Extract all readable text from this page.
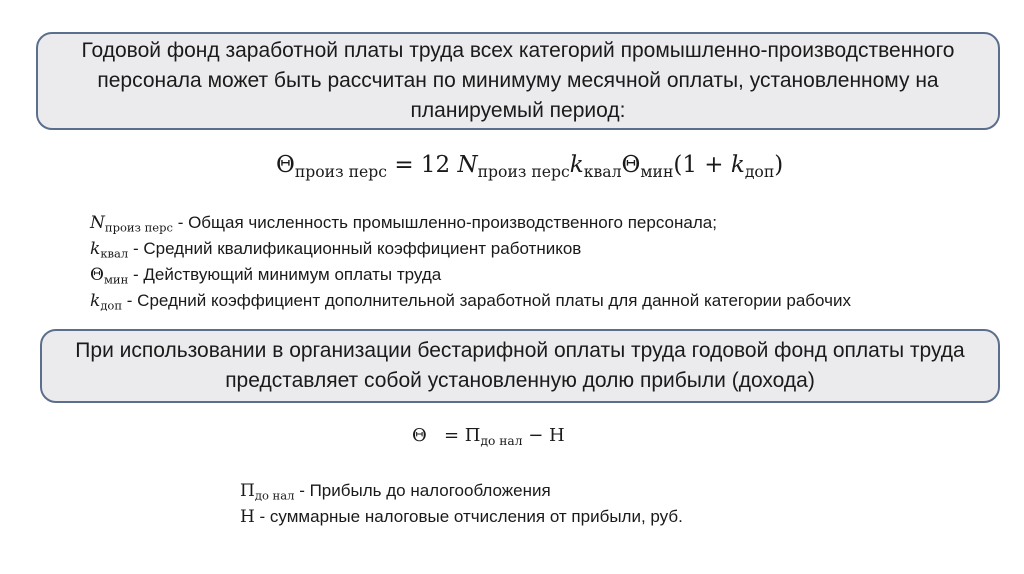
Годовой фонд заработной платы труда всех категорий промышленно-производственного персонала может быть рассчитан по минимуму месячной оплаты, установленному на планируемый период:

$\Theta_{произ перс} = 12$ $N_{произ перс}k_{квал}\Theta_{мин}(1 + k_{доп})$
$N_{произ перс}$ - Общая численность промышленно-производственного персонала;
$k_{квал}$ - Средний квалификационный коэффициент работников
$\Theta_{мин}$ - Действующий минимум оплаты труда
$k_{доп}$ - Средний коэффициент дополнительной заработной платы для данной категории рабочих

При использовании в организации бестарифной оплаты труда годовой фонд оплаты труда представляет собой установленную долю прибыли (дохода)

$\Theta = П_{до нал} - Н$
$П_{до нал}$ - Прибыль до налогообложения
Н - суммарные налоговые отчисления от прибыли, руб.
